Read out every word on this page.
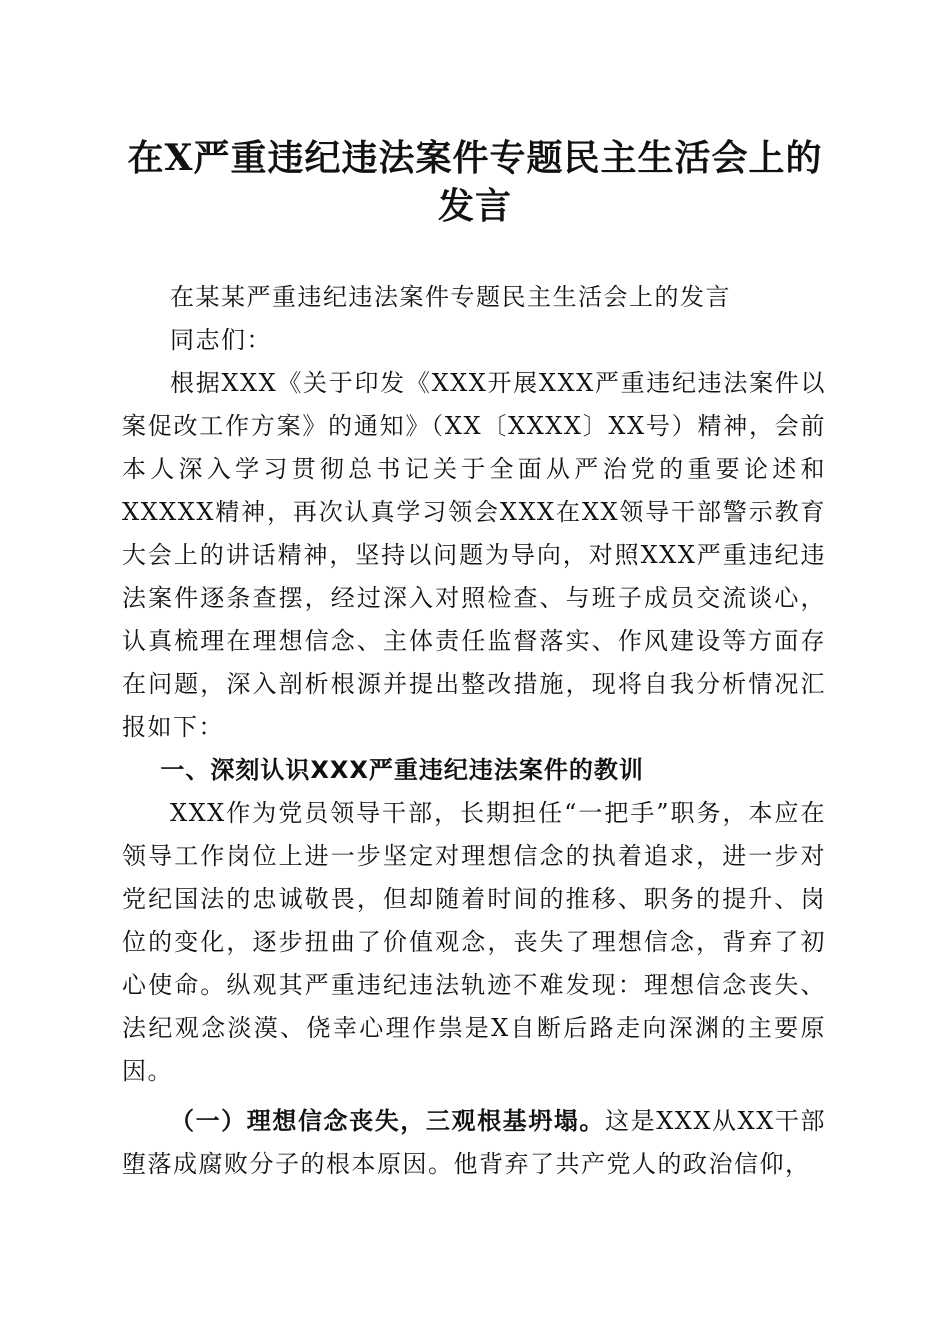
在X严重违纪违法案件专题民主生活会上的
发言

在某某严重违纪违法案件专题民主生活会上的发言

同志们：

根据XXX《关于印发《XXX开展XXX严重违纪违法案件以案促改工作方案》的通知》（XX〔XXXX〕XX号）精神，会前本人深入学习贯彻总书记关于全面从严治党的重要论述和XXXXX精神，再次认真学习领会XXX在XX领导干部警示教育大会上的讲话精神，坚持以问题为导向，对照XXX严重违纪违法案件逐条查摆，经过深入对照检查、与班子成员交流谈心，认真梳理在理想信念、主体责任监督落实、作风建设等方面存在问题，深入剖析根源并提出整改措施，现将自我分析情况汇报如下：

一、深刻认识XXX严重违纪违法案件的教训

XXX作为党员领导干部，长期担任“一把手”职务，本应在领导工作岗位上进一步坚定对理想信念的执着追求，进一步对党纪国法的忠诚敬畏，但却随着时间的推移、职务的提升、岗位的变化，逐步扭曲了价值观念，丧失了理想信念，背弃了初心使命。纵观其严重违纪违法轨迹不难发现：理想信念丧失、法纪观念淡漠、侥幸心理作祟是X自断后路走向深渊的主要原因。

（一）理想信念丧失，三观根基坍塌。这是XXX从XX干部堕落成腐败分子的根本原因。他背弃了共产党人的政治信仰，
